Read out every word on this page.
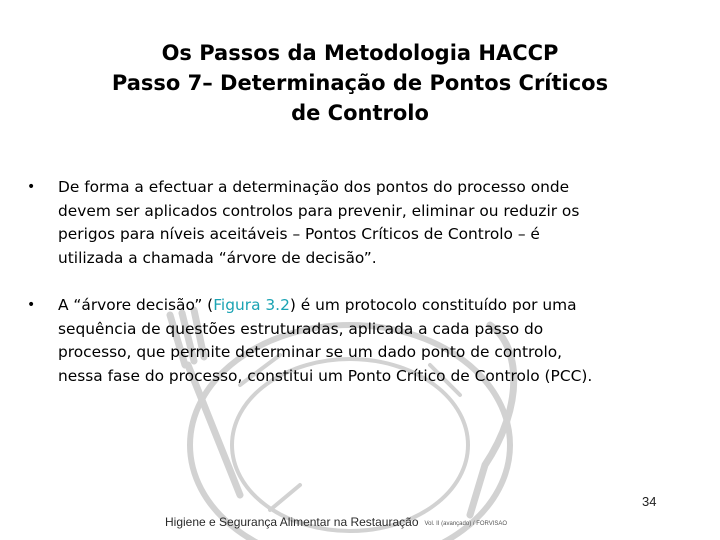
Os Passos da Metodologia HACCP
Passo 7– Determinação de Pontos Críticos
de Controlo
• De forma a efectuar a determinação dos pontos do processo onde
devem ser aplicados controlos para prevenir, eliminar ou reduzir os
perigos para níveis aceitáveis – Pontos Críticos de Controlo – é
utilizada a chamada “árvore de decisão”.
• A “árvore decisão” (Figura 3.2) é um protocolo constituído por uma
sequência de questões estruturadas, aplicada a cada passo do
processo, que permite determinar se um dado ponto de controlo,
nessa fase do processo, constitui um Ponto Crítico de Controlo (PCC).
34
Higiene e Segurança Alimentar na Restauração Vol. II (avançado) / FORVISAO
